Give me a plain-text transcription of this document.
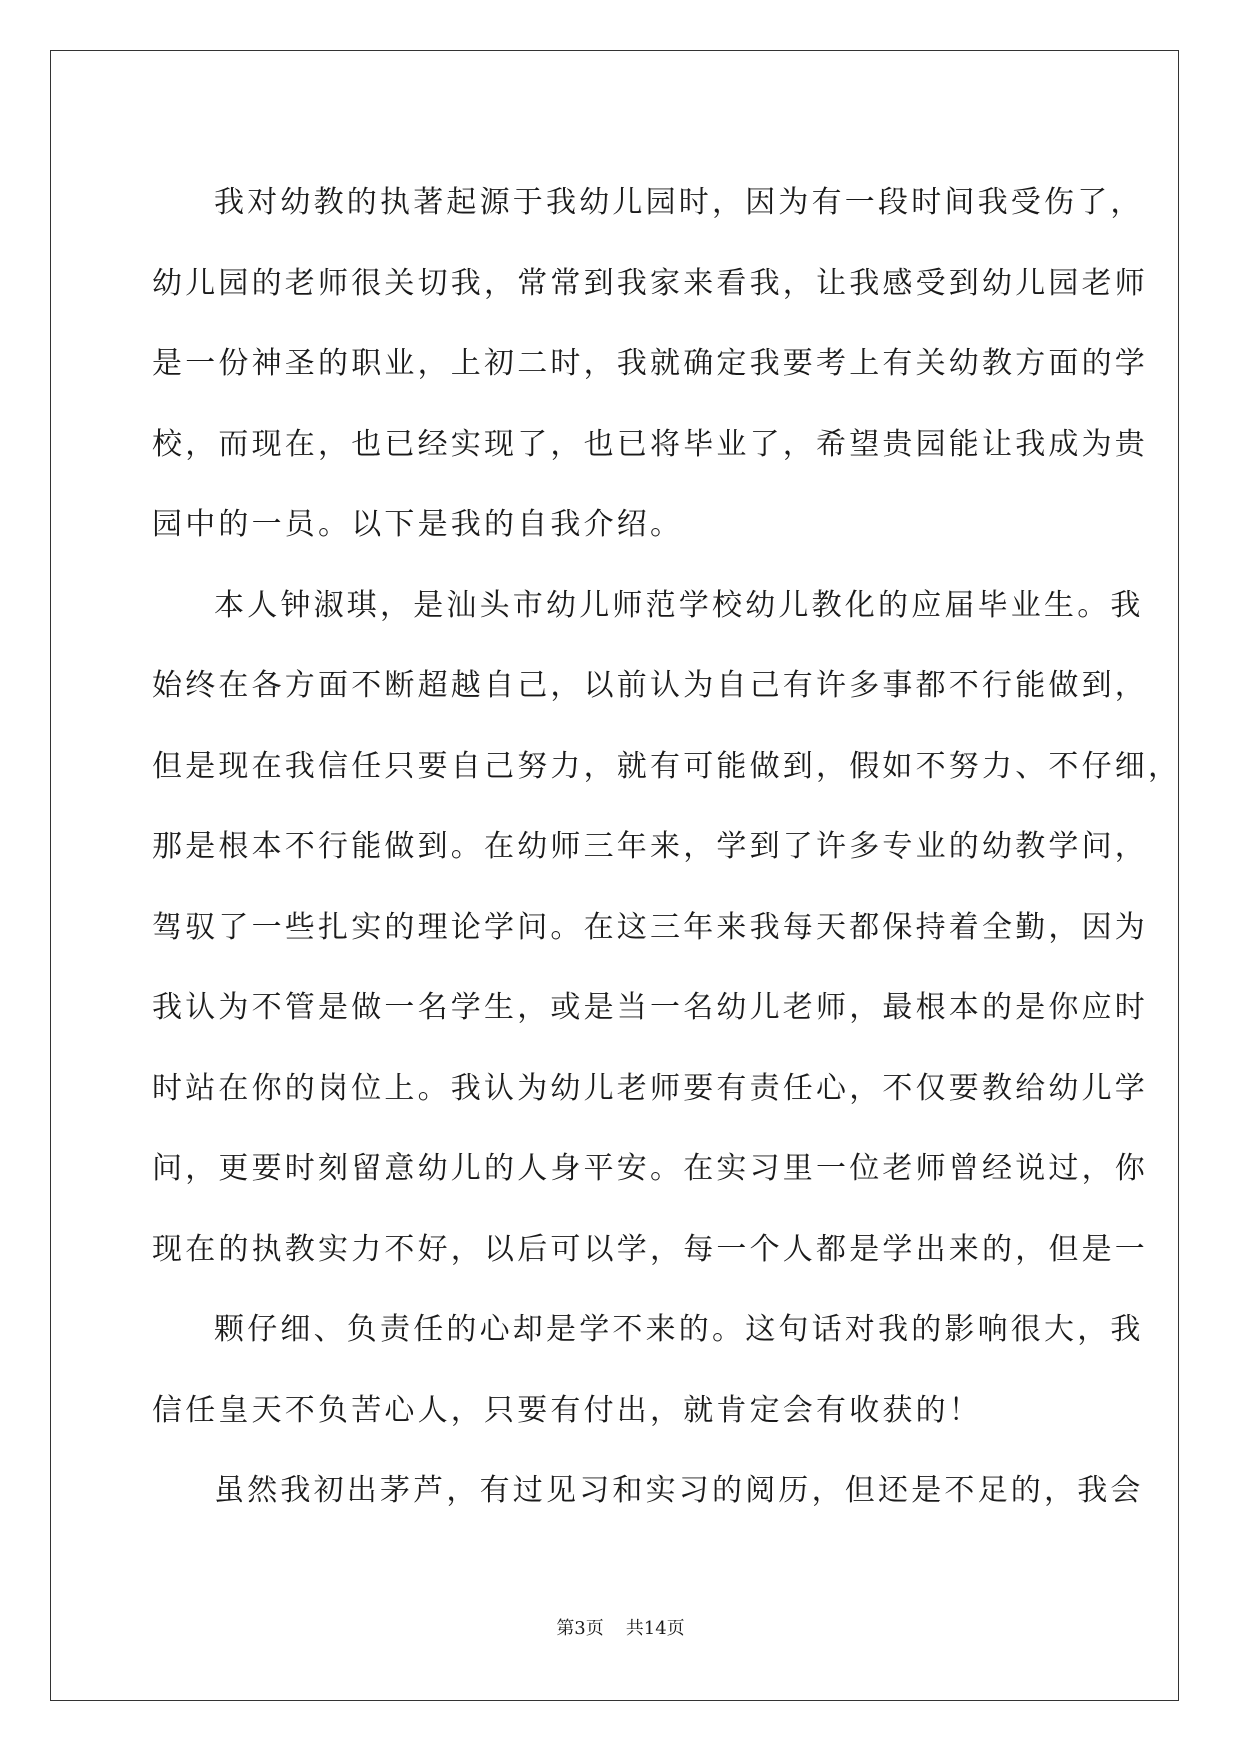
我对幼教的执著起源于我幼儿园时，因为有一段时间我受伤了，
幼儿园的老师很关切我，常常到我家来看我，让我感受到幼儿园老师
是一份神圣的职业，上初二时，我就确定我要考上有关幼教方面的学
校，而现在，也已经实现了，也已将毕业了，希望贵园能让我成为贵
园中的一员。以下是我的自我介绍。
本人钟淑琪，是汕头市幼儿师范学校幼儿教化的应届毕业生。我
始终在各方面不断超越自己，以前认为自己有许多事都不行能做到，
但是现在我信任只要自己努力，就有可能做到，假如不努力、不仔细，
那是根本不行能做到。在幼师三年来，学到了许多专业的幼教学问，
驾驭了一些扎实的理论学问。在这三年来我每天都保持着全勤，因为
我认为不管是做一名学生，或是当一名幼儿老师，最根本的是你应时
时站在你的岗位上。我认为幼儿老师要有责任心，不仅要教给幼儿学
问，更要时刻留意幼儿的人身平安。在实习里一位老师曾经说过，你
现在的执教实力不好，以后可以学，每一个人都是学出来的，但是一
颗仔细、负责任的心却是学不来的。这句话对我的影响很大，我
信任皇天不负苦心人，只要有付出，就肯定会有收获的！
虽然我初出茅芦，有过见习和实习的阅历，但还是不足的，我会
第3页 共14页
